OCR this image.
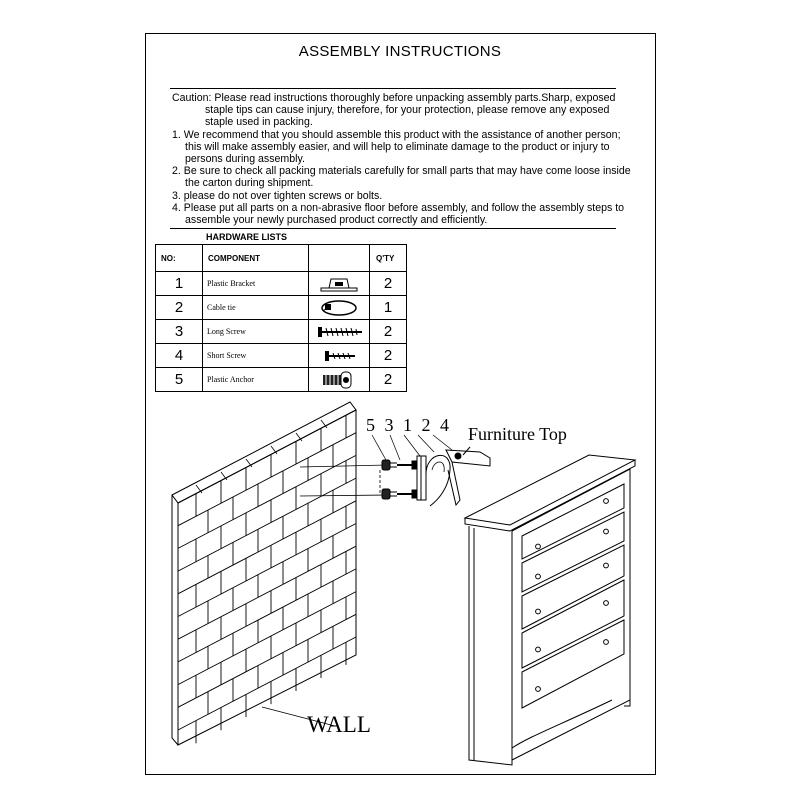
ASSEMBLY INSTRUCTIONS
Caution: Please read instructions thoroughly before unpacking assembly parts.Sharp, exposed
staple tips can cause injury, therefore, for your protection, please remove any exposed
staple used in packing.
1. We recommend that you should assemble this product with the assistance of another person;
this will make assembly easier, and will help to eliminate damage to the product or injury to
persons during assembly.
2. Be sure to check all packing materials carefully for small parts that may have come loose inside
the carton during shipment.
3. please do not over tighten screws or bolts.
4. Please put all parts on a non-abrasive floor before assembly, and follow the assembly steps to
assemble your newly purchased product correctly and efficiently.
HARDWARE LISTS
NO:	COMPONENT		Q'TY
1	Plastic Bracket		2
2	Cable tie		1
3	Long Screw		2
4	Short Screw		2
5	Plastic Anchor		2
5 3 1 2 4 Furniture Top
WALL
